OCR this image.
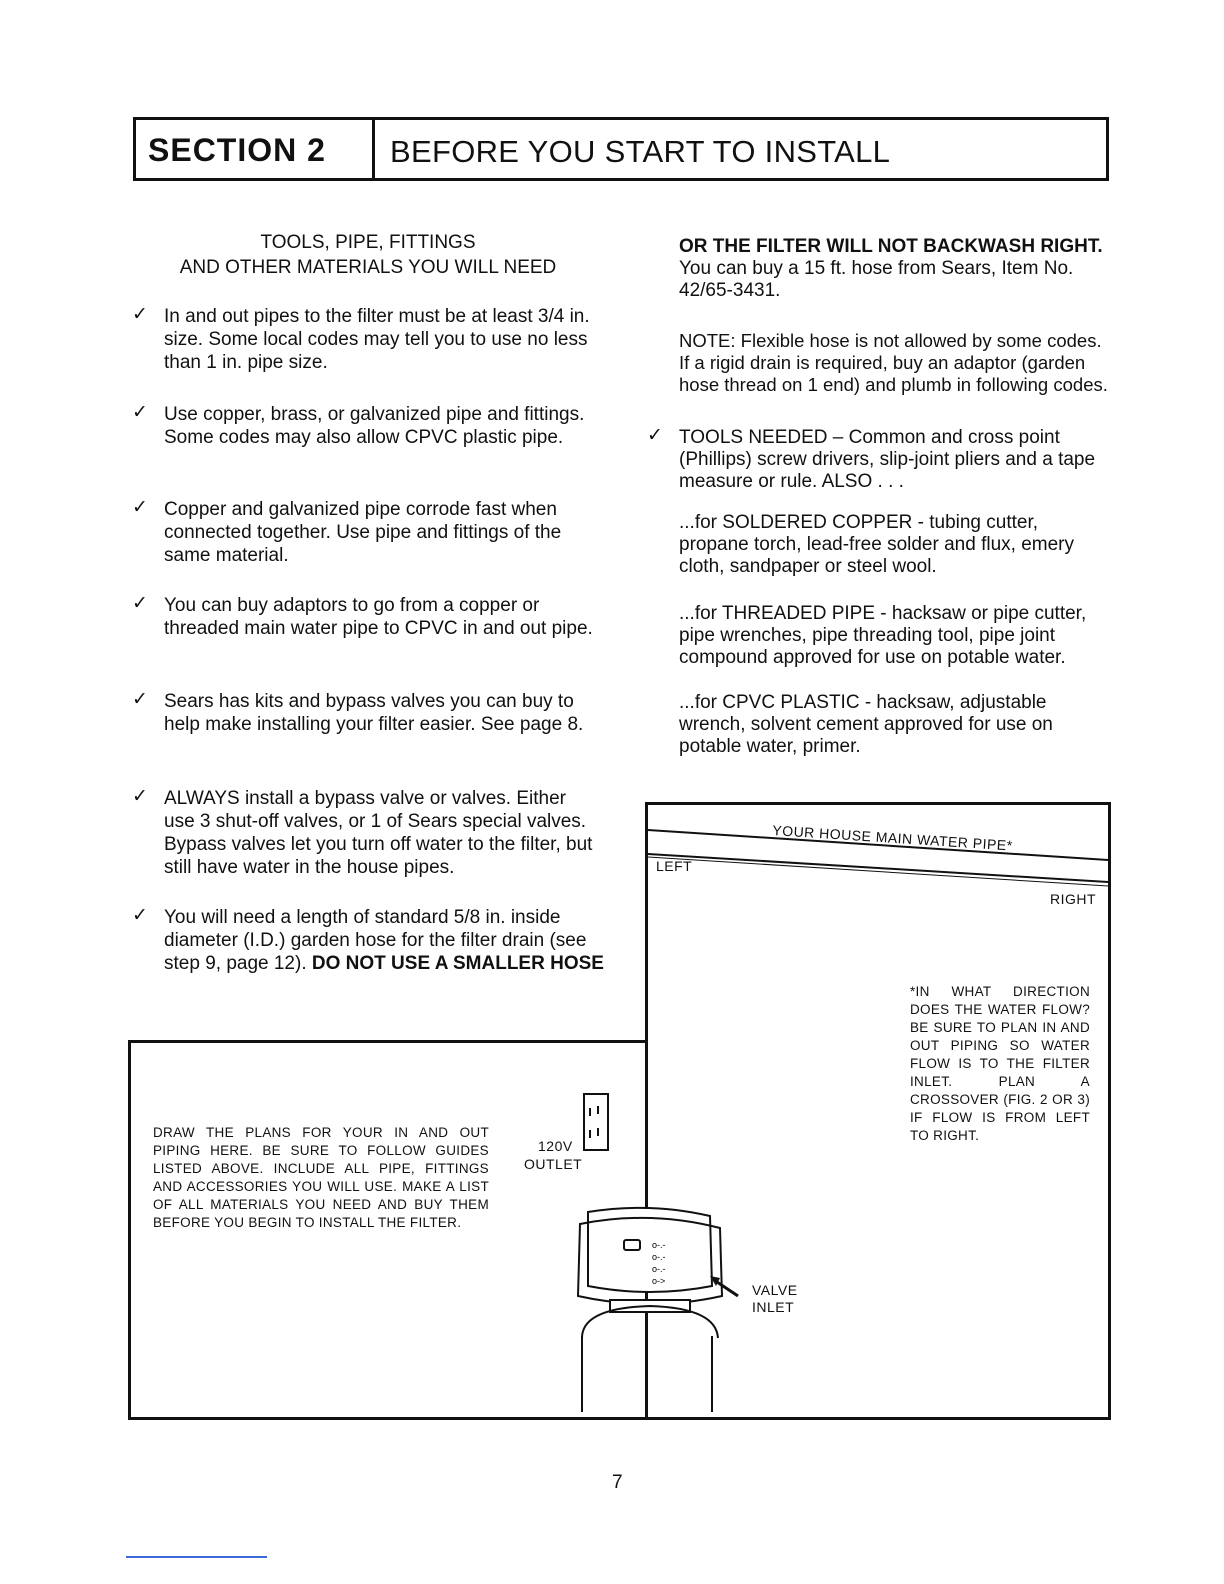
SECTION 2 BEFORE YOU START TO INSTALL
TOOLS, PIPE, FITTINGS
AND OTHER MATERIALS YOU WILL NEED
✓ In and out pipes to the filter must be at least 3/4 in. size. Some local codes may tell you to use no less than 1 in. pipe size.
✓ Use copper, brass, or galvanized pipe and fittings. Some codes may also allow CPVC plastic pipe.
✓ Copper and galvanized pipe corrode fast when connected together. Use pipe and fittings of the same material.
✓ You can buy adaptors to go from a copper or threaded main water pipe to CPVC in and out pipe.
✓ Sears has kits and bypass valves you can buy to help make installing your filter easier. See page 8.
✓ ALWAYS install a bypass valve or valves. Either use 3 shut-off valves, or 1 of Sears special valves. Bypass valves let you turn off water to the filter, but still have water in the house pipes.
✓ You will need a length of standard 5/8 in. inside diameter (I.D.) garden hose for the filter drain (see step 9, page 12). DO NOT USE A SMALLER HOSE
OR THE FILTER WILL NOT BACKWASH RIGHT.
You can buy a 15 ft. hose from Sears, Item No. 42/65-3431.
NOTE: Flexible hose is not allowed by some codes. If a rigid drain is required, buy an adaptor (garden hose thread on 1 end) and plumb in following codes.
✓ TOOLS NEEDED – Common and cross point (Phillips) screw drivers, slip-joint pliers and a tape measure or rule. ALSO . . .
...for SOLDERED COPPER - tubing cutter, propane torch, lead-free solder and flux, emery cloth, sandpaper or steel wool.
...for THREADED PIPE - hacksaw or pipe cutter, pipe wrenches, pipe threading tool, pipe joint compound approved for use on potable water.
...for CPVC PLASTIC - hacksaw, adjustable wrench, solvent cement approved for use on potable water, primer.
YOUR HOUSE MAIN WATER PIPE*
LEFT
RIGHT
*IN WHAT DIRECTION DOES THE WATER FLOW? BE SURE TO PLAN IN AND OUT PIPING SO WATER FLOW IS TO THE FILTER INLET. PLAN A CROSSOVER (FIG. 2 OR 3) IF FLOW IS FROM LEFT TO RIGHT.
DRAW THE PLANS FOR YOUR IN AND OUT PIPING HERE. BE SURE TO FOLLOW GUIDES LISTED ABOVE. INCLUDE ALL PIPE, FITTINGS AND ACCESSORIES YOU WILL USE. MAKE A LIST OF ALL MATERIALS YOU NEED AND BUY THEM BEFORE YOU BEGIN TO INSTALL THE FILTER.
120V
OUTLET
o-.-
o-.-
o-.-
o->
VALVE
INLET
7
